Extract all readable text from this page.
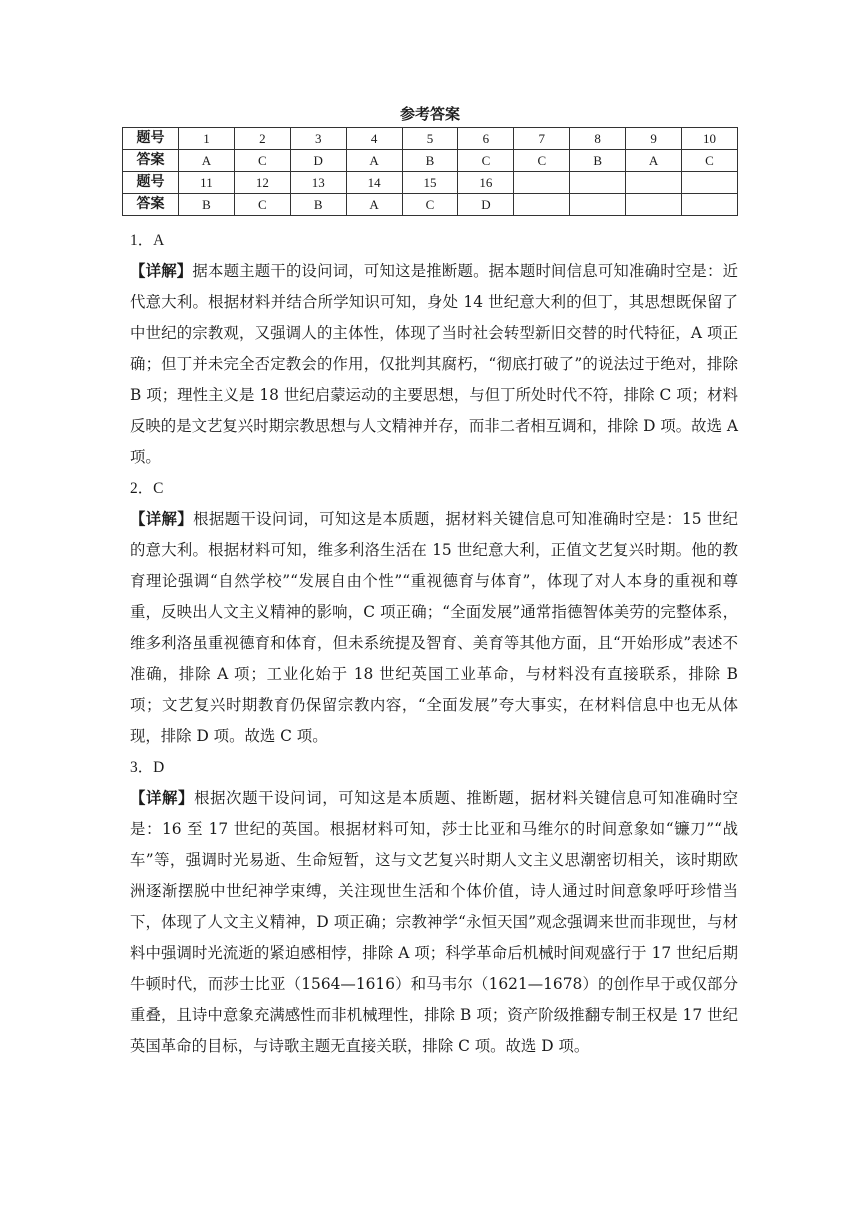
参考答案
题号	1	2	3	4	5	6	7	8	9	10
答案	A	C	D	A	B	C	C	B	A	C
题号	11	12	13	14	15	16				
答案	B	C	B	A	C	D				

1．A

【详解】据本题主题干的设问词，可知这是推断题。据本题时间信息可知准确时空是：近代意大利。根据材料并结合所学知识可知，身处 14 世纪意大利的但丁，其思想既保留了中世纪的宗教观，又强调人的主体性，体现了当时社会转型新旧交替的时代特征，A 项正确；但丁并未完全否定教会的作用，仅批判其腐朽，“彻底打破了”的说法过于绝对，排除 B 项；理性主义是 18 世纪启蒙运动的主要思想，与但丁所处时代不符，排除 C 项；材料反映的是文艺复兴时期宗教思想与人文精神并存，而非二者相互调和，排除 D 项。故选 A 项。

2．C

【详解】根据题干设问词，可知这是本质题，据材料关键信息可知准确时空是：15 世纪的意大利。根据材料可知，维多利洛生活在 15 世纪意大利，正值文艺复兴时期。他的教育理论强调“自然学校”“发展自由个性”“重视德育与体育”，体现了对人本身的重视和尊重，反映出人文主义精神的影响，C 项正确；“全面发展”通常指德智体美劳的完整体系，维多利洛虽重视德育和体育，但未系统提及智育、美育等其他方面，且“开始形成”表述不准确，排除 A 项；工业化始于 18 世纪英国工业革命，与材料没有直接联系，排除 B 项；文艺复兴时期教育仍保留宗教内容，“全面发展”夸大事实，在材料信息中也无从体现，排除 D 项。故选 C 项。

3．D

【详解】根据次题干设问词，可知这是本质题、推断题，据材料关键信息可知准确时空是：16 至 17 世纪的英国。根据材料可知，莎士比亚和马维尔的时间意象如“镰刀”“战车”等，强调时光易逝、生命短暂，这与文艺复兴时期人文主义思潮密切相关，该时期欧洲逐渐摆脱中世纪神学束缚，关注现世生活和个体价值，诗人通过时间意象呼吁珍惜当下，体现了人文主义精神，D 项正确；宗教神学“永恒天国”观念强调来世而非现世，与材料中强调时光流逝的紧迫感相悖，排除 A 项；科学革命后机械时间观盛行于 17 世纪后期牛顿时代，而莎士比亚（1564—1616）和马韦尔（1621—1678）的创作早于或仅部分重叠，且诗中意象充满感性而非机械理性，排除 B 项；资产阶级推翻专制王权是 17 世纪英国革命的目标，与诗歌主题无直接关联，排除 C 项。故选 D 项。
